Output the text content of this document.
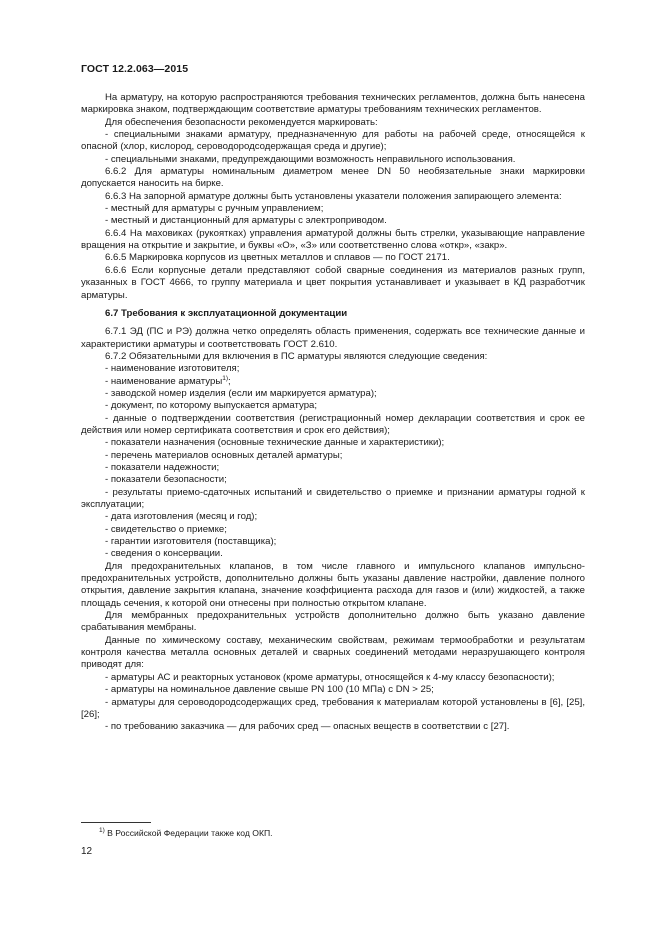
ГОСТ 12.2.063—2015

На арматуру, на которую распространяются требования технических регламентов, должна быть нанесена маркировка знаком, подтверждающим соответствие арматуры требованиям технических регламентов.

Для обеспечения безопасности рекомендуется маркировать:

- специальными знаками арматуру, предназначенную для работы на рабочей среде, относящейся к опасной (хлор, кислород, сероводородсодержащая среда и другие);

- специальными знаками, предупреждающими возможность неправильного использования.

6.6.2 Для арматуры номинальным диаметром менее DN 50 необязательные знаки маркировки допускается наносить на бирке.

6.6.3 На запорной арматуре должны быть установлены указатели положения запирающего элемента:

- местный для арматуры с ручным управлением;

- местный и дистанционный для арматуры с электроприводом.

6.6.4 На маховиках (рукоятках) управления арматурой должны быть стрелки, указывающие направление вращения на открытие и закрытие, и буквы «О», «З» или соответственно слова «откр», «закр».

6.6.5 Маркировка корпусов из цветных металлов и сплавов — по ГОСТ 2171.

6.6.6 Если корпусные детали представляют собой сварные соединения из материалов разных групп, указанных в ГОСТ 4666, то группу материала и цвет покрытия устанавливает и указывает в КД разработчик арматуры.

6.7 Требования к эксплуатационной документации

6.7.1 ЭД (ПС и РЭ) должна четко определять область применения, содержать все технические данные и характеристики арматуры и соответствовать ГОСТ 2.610.

6.7.2 Обязательными для включения в ПС арматуры являются следующие сведения:

- наименование изготовителя;

- наименование арматуры$^{1)}$;

- заводской номер изделия (если им маркируется арматура);

- документ, по которому выпускается арматура;

- данные о подтверждении соответствия (регистрационный номер декларации соответствия и срок ее действия или номер сертификата соответствия и срок его действия);

- показатели назначения (основные технические данные и характеристики);

- перечень материалов основных деталей арматуры;

- показатели надежности;

- показатели безопасности;

- результаты приемо-сдаточных испытаний и свидетельство о приемке и признании арматуры годной к эксплуатации;

- дата изготовления (месяц и год);

- свидетельство о приемке;

- гарантии изготовителя (поставщика);

- сведения о консервации.

Для предохранительных клапанов, в том числе главного и импульсного клапанов импульсно-предохранительных устройств, дополнительно должны быть указаны давление настройки, давление полного открытия, давление закрытия клапана, значение коэффициента расхода для газов и (или) жидкостей, а также площадь сечения, к которой они отнесены при полностью открытом клапане.

Для мембранных предохранительных устройств дополнительно должно быть указано давление срабатывания мембраны.

Данные по химическому составу, механическим свойствам, режимам термообработки и результатам контроля качества металла основных деталей и сварных соединений методами неразрушающего контроля приводят для:

- арматуры АС и реакторных установок (кроме арматуры, относящейся к 4-му классу безопасности);

- арматуры на номинальное давление свыше PN 100 (10 МПа) с DN > 25;

- арматуры для сероводородсодержащих сред, требования к материалам которой установлены в [6], [25], [26];

- по требованию заказчика — для рабочих сред — опасных веществ в соответствии с [27].

$^{1)}$ В Российской Федерации также код ОКП.
12
